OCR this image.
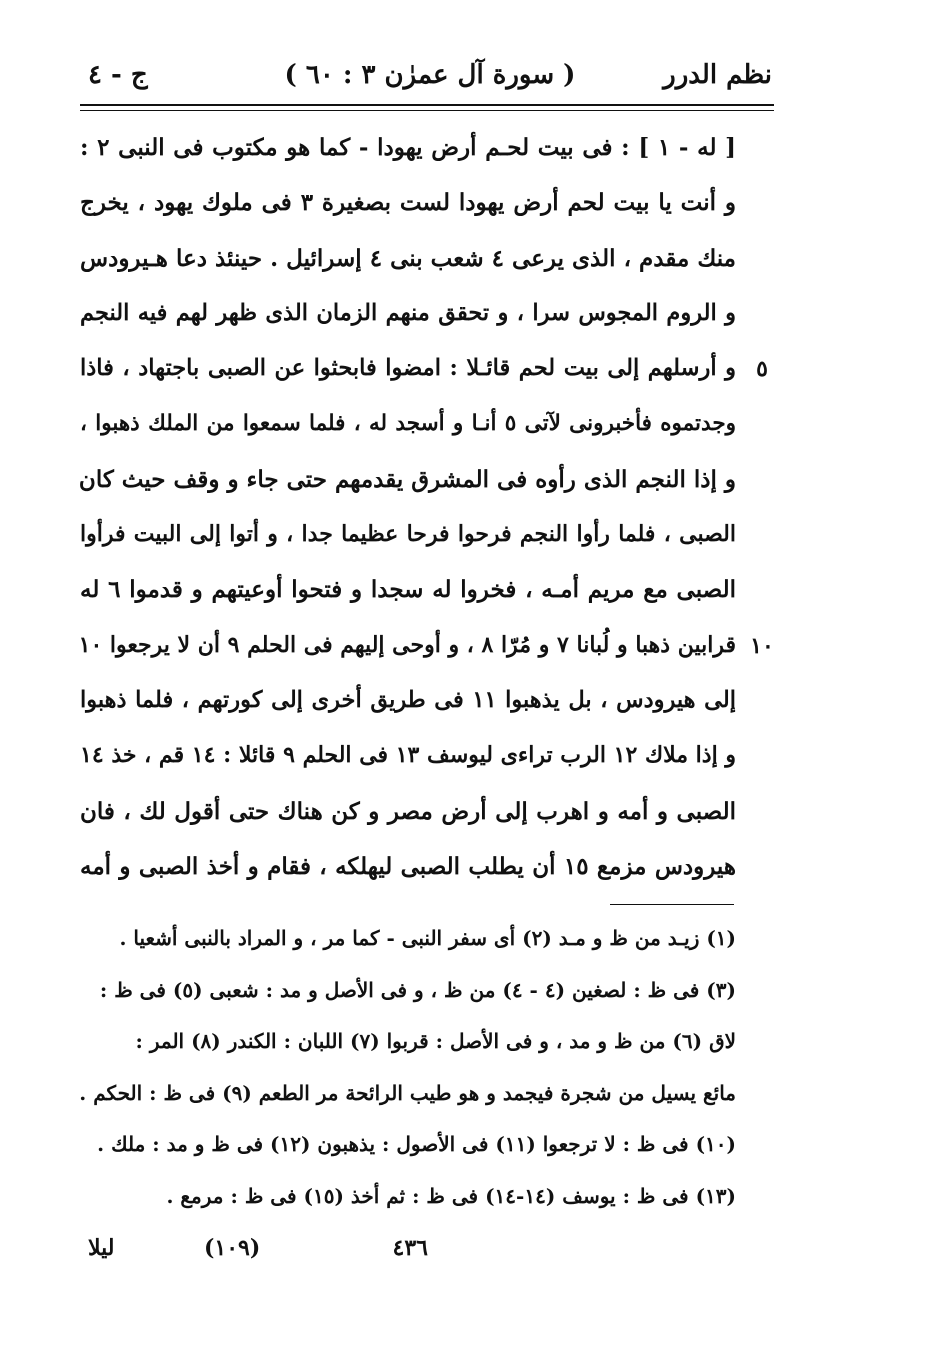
نظم الدرر
( سورة آل عمرٰن ٣ : ٦٠ )
ج - ٤
[ له - ١ ] : فى بيت لحـم أرض يهودا - كما هو مكتوب فى النبى ٢ :
و أنت يا بيت لحم أرض يهودا لست بصغيرة ٣ فى ملوك يهود ، يخرج
منك مقدم ، الذى يرعى ٤ شعب بنى ٤ إسرائيل . حينئذ دعا هـيرودس
و الروم المجوس سرا ، و تحقق منهم الزمان الذى ظهر لهم فيه النجم
و أرسلهم إلى بيت لحم قائـلا : امضوا فابحثوا عن الصبى باجتهاد ، فاذا
وجدتموه فأخبرونى لآتى ٥ أنـا و أسجد له ، فلما سمعوا من الملك ذهبوا ،
و إذا النجم الذى رأوه فى المشرق يقدمهم حتى جاء و وقف حيث كان
الصبى ، فلما رأوا النجم فرحوا فرحا عظيما جدا ، و أتوا إلى البيت فرأوا
الصبى مع مريم أمـه ، فخروا له سجدا و فتحوا أوعيتهم و قدموا ٦ له
قرابين ذهبا و لُبانا ٧ و مُرّا ٨ ، و أوحى إليهم فى الحلم ٩ أن لا يرجعوا ١٠
إلى هيرودس ، بل يذهبوا ١١ فى طريق أخرى إلى كورتهم ، فلما ذهبوا
و إذا ملاك ١٢ الرب تراءى ليوسف ١٣ فى الحلم ٩ قائلا : ١٤ قم ، خذ ١٤
الصبى و أمه و اهرب إلى أرض مصر و كن هناك حتى أقول لك ، فان
هيرودس مزمع ١٥ أن يطلب الصبى ليهلكه ، فقام و أخذ الصبى و أمه
٥
١٠
(١) زيـد من ظ و مـد (٢) أى سفر النبى - كما مر ، و المراد بالنبى أشعيا .
(٣) فى ظ : لصغين (٤ - ٤) من ظ ، و فى الأصل و مد : شعبى (٥) فى ظ :
لاق (٦) من ظ و مد ، و فى الأصل : قربوا (٧) اللبان : الكندر (٨) المر :
مائع يسيل من شجرة فيجمد و هو طيب الرائحة مر الطعم (٩) فى ظ : الحكم .
(١٠) فى ظ : لا ترجعوا (١١) فى الأصول : يذهبون (١٢) فى ظ و مد : ملك .
(١٣) فى ظ : يوسف (١٤-١٤) فى ظ : ثم أخذ (١٥) فى ظ : مرمع .
٤٣٦
(١٠٩)
ليلا
